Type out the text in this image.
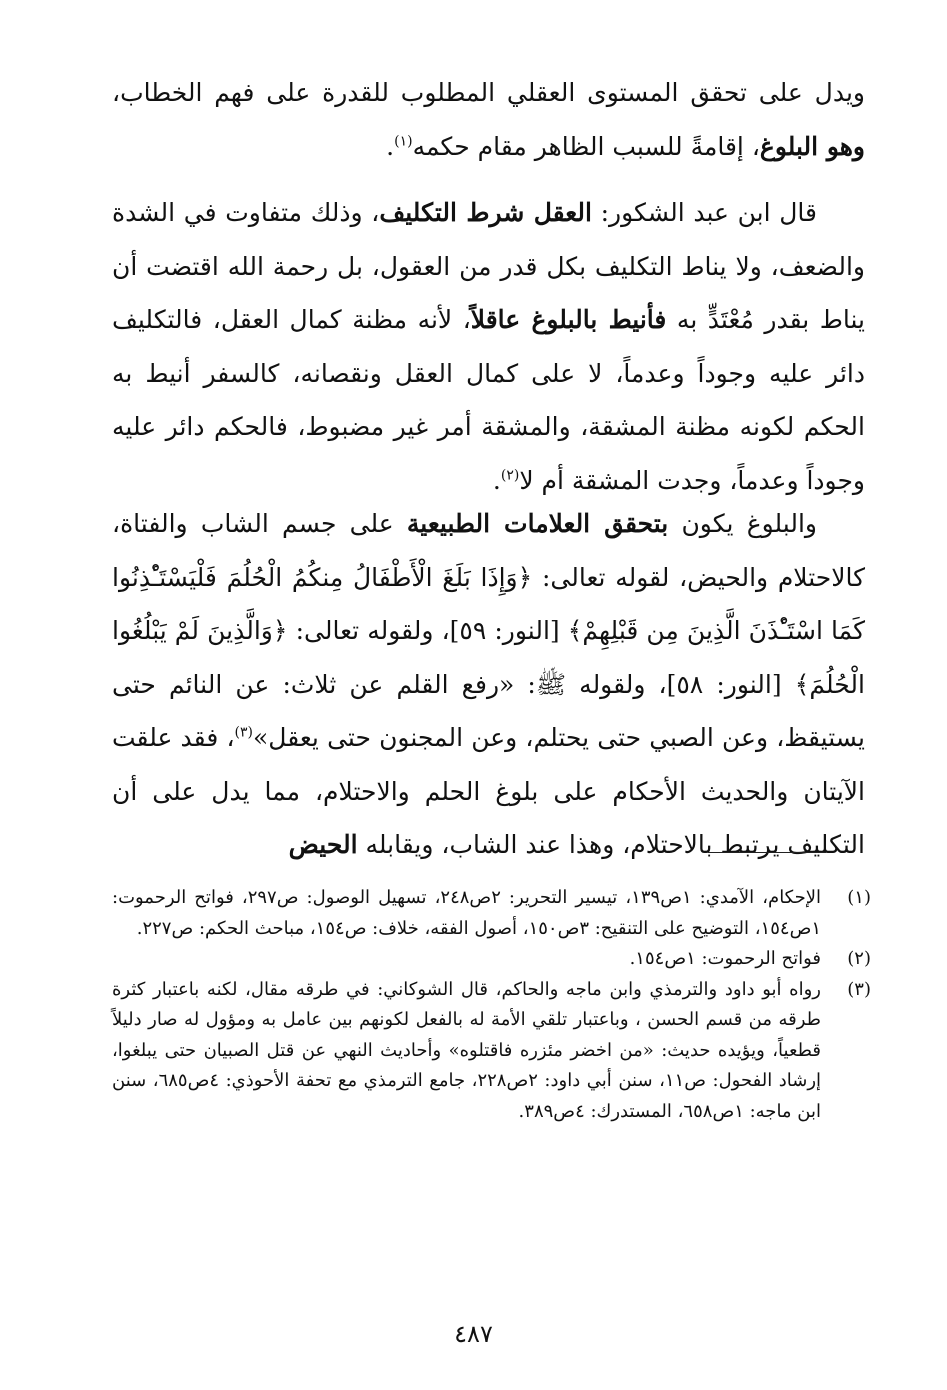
ويدل على تحقق المستوى العقلي المطلوب للقدرة على فهم الخطاب، وهو البلوغ، إقامةً للسبب الظاهر مقام حكمه$^{(١)}$.

قال ابن عبد الشكور: العقل شرط التكليف، وذلك متفاوت في الشدة والضعف، ولا يناط التكليف بكل قدر من العقول، بل رحمة الله اقتضت أن يناط بقدر مُعْتَدٍّ به فأنيط بالبلوغ عاقلاً، لأنه مظنة كمال العقل، فالتكليف دائر عليه وجوداً وعدماً، لا على كمال العقل ونقصانه، كالسفر أنيط به الحكم لكونه مظنة المشقة، والمشقة أمر غير مضبوط، فالحكم دائر عليه وجوداً وعدماً، وجدت المشقة أم لا$^{(٢)}$.

والبلوغ يكون بتحقق العلامات الطبيعية على جسم الشاب والفتاة، كالاحتلام والحيض، لقوله تعالى: ﴿وَإِذَا بَلَغَ الْأَطْفَالُ مِنكُمُ الْحُلُمَ فَلْيَسْتَـْٔذِنُوا كَمَا اسْتَـْٔذَنَ الَّذِينَ مِن قَبْلِهِمْ﴾ [النور: ٥٩]، ولقوله تعالى: ﴿وَالَّذِينَ لَمْ يَبْلُغُوا الْحُلُمَ﴾ [النور: ٥٨]، ولقوله ﷺ: «رفع القلم عن ثلاث: عن النائم حتى يستيقظ، وعن الصبي حتى يحتلم، وعن المجنون حتى يعقل»$^{(٣)}$، فقد علقت الآيتان والحديث الأحكام على بلوغ الحلم والاحتلام، مما يدل على أن التكليف يرتبط بالاحتلام، وهذا عند الشاب، ويقابله الحيض

(١)
الإحكام، الآمدي: ١ص١٣٩، تيسير التحرير: ٢ص٢٤٨، تسهيل الوصول: ص٢٩٧، فواتح الرحموت: ١ص١٥٤، التوضيح على التنقيح: ٣ص١٥٠، أصول الفقه، خلاف: ص١٥٤، مباحث الحكم: ص٢٢٧.
(٢)
فواتح الرحموت: ١ص١٥٤.
(٣)
رواه أبو داود والترمذي وابن ماجه والحاكم، قال الشوكاني: في طرقه مقال، لكنه باعتبار كثرة طرقه من قسم الحسن ، وباعتبار تلقي الأمة له بالفعل لكونهم بين عامل به ومؤول له صار دليلاً قطعياً، ويؤيده حديث: «من اخضر مئزره فاقتلوه» وأحاديث النهي عن قتل الصبيان حتى يبلغوا، إرشاد الفحول: ص١١، سنن أبي داود: ٢ص٢٢٨، جامع الترمذي مع تحفة الأحوذي: ٤ص٦٨٥، سنن ابن ماجه: ١ص٦٥٨، المستدرك: ٤ص٣٨٩.
٤٨٧
